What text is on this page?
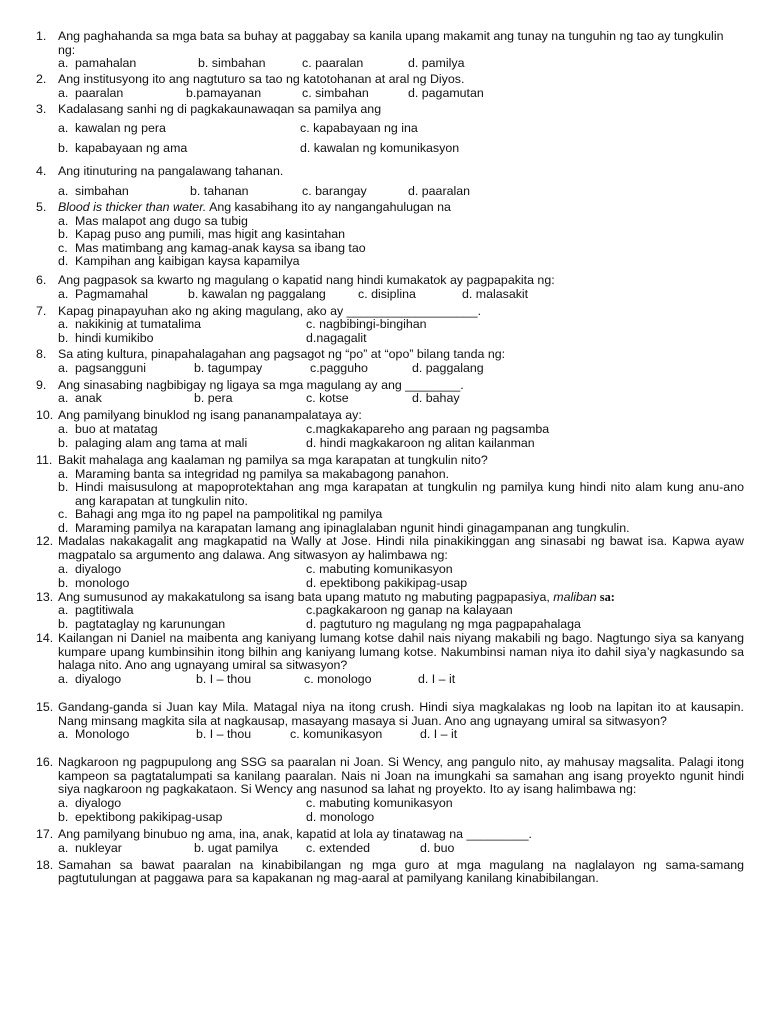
1. Ang paghahanda sa mga bata sa buhay at paggabay sa kanila upang makamit ang tunay na tunguhin ng tao ay tungkulin ng:
a. pamahalan	b. simbahan	c. paaralan	d. pamilya
2. Ang institusyong ito ang nagtuturo sa tao ng katotohanan at aral ng Diyos.
a. paaralan	b.pamayanan	c. simbahan	d. pagamutan
3. Kadalasang sanhi ng di pagkakaunawaqan sa pamilya ang
a. kawalan ng pera	c. kapabayaan ng ina
b. kapabayaan ng ama	d. kawalan ng komunikasyon
4. Ang itinuturing na pangalawang tahanan.
a. simbahan	b. tahanan	c. barangay	d. paaralan
5. Blood is thicker than water. Ang kasabihang ito ay nangangahulugan na
a. Mas malapot ang dugo sa tubig
b. Kapag puso ang pumili, mas higit ang kasintahan
c. Mas matimbang ang kamag-anak kaysa sa ibang tao
d. Kampihan ang kaibigan kaysa kapamilya
6. Ang pagpasok sa kwarto ng magulang o kapatid nang hindi kumakatok ay pagpapakita ng:
a. Pagmamahal	b. kawalan ng paggalang	c. disiplina	d. malasakit
7. Kapag pinapayuhan ako ng aking magulang, ako ay ___________________.
a. nakikinig at tumatalima	c. nagbibingi-bingihan
b. hindi kumikibo	d.nagagalit
8. Sa ating kultura, pinapahalagahan ang pagsagot ng “po” at “opo” bilang tanda ng:
a. pagsangguni	b. tagumpay	c.pagguho	d. paggalang
9. Ang sinasabing nagbibigay ng ligaya sa mga magulang ay ang ________.
a. anak	b. pera	c. kotse	d. bahay
10. Ang pamilyang binuklod ng isang pananampalataya ay:
a. buo at matatag	c.magkakapareho ang paraan ng pagsamba
b. palaging alam ang tama at mali	d. hindi magkakaroon ng alitan kailanman
11. Bakit mahalaga ang kaalaman ng pamilya sa mga karapatan at tungkulin nito?
a. Maraming banta sa integridad ng pamilya sa makabagong panahon.
b. Hindi maisusulong at mapoprotektahan ang mga karapatan at tungkulin ng pamilya kung hindi nito alam kung anu-ano ang karapatan at tungkulin nito.
c. Bahagi ang mga ito ng papel na pampolitikal ng pamilya
d. Maraming pamilya na karapatan lamang ang ipinaglalaban ngunit hindi ginagampanan ang tungkulin.
12. Madalas nakakagalit ang magkapatid na Wally at Jose. Hindi nila pinakikinggan ang sinasabi ng bawat isa. Kapwa ayaw magpatalo sa argumento ang dalawa. Ang sitwasyon ay halimbawa ng:
a. diyalogo	c. mabuting komunikasyon
b. monologo	d. epektibong pakikipag-usap
13. Ang sumusunod ay makakatulong sa isang bata upang matuto ng mabuting pagpapasiya, maliban sa:
a. pagtitiwala	c.pagkakaroon ng ganap na kalayaan
b. pagtataglay ng karunungan	d. pagtuturo ng magulang ng mga pagpapahalaga
14. Kailangan ni Daniel na maibenta ang kaniyang lumang kotse dahil nais niyang makabili ng bago. Nagtungo siya sa kanyang kumpare upang kumbinsihin itong bilhin ang kaniyang lumang kotse. Nakumbinsi naman niya ito dahil siya’y nagkasundo sa halaga nito. Ano ang ugnayang umiral sa sitwasyon?
a. diyalogo	b. I – thou	c. monologo	d. I – it
15. Gandang-ganda si Juan kay Mila. Matagal niya na itong crush. Hindi siya magkalakas ng loob na lapitan ito at kausapin. Nang minsang magkita sila at nagkausap, masayang masaya si Juan. Ano ang ugnayang umiral sa sitwasyon?
a. Monologo	b. I – thou	c. komunikasyon	d. I – it
16. Nagkaroon ng pagpupulong ang SSG sa paaralan ni Joan. Si Wency, ang pangulo nito, ay mahusay magsalita. Palagi itong kampeon sa pagtatalumpati sa kanilang paaralan. Nais ni Joan na imungkahi sa samahan ang isang proyekto ngunit hindi siya nagkaroon ng pagkakataon. Si Wency ang nasunod sa lahat ng proyekto. Ito ay isang halimbawa ng:
a. diyalogo	c. mabuting komunikasyon
b. epektibong pakikipag-usap	d. monologo
17. Ang pamilyang binubuo ng ama, ina, anak, kapatid at lola ay tinatawag na _________.
a. nukleyar	b. ugat pamilya c. extended	d. buo
18. Samahan sa bawat paaralan na kinabibilangan ng mga guro at mga magulang na naglalayon ng sama-samang pagtutulungan at paggawa para sa kapakanan ng mag-aaral at pamilyang kanilang kinabibilangan.
